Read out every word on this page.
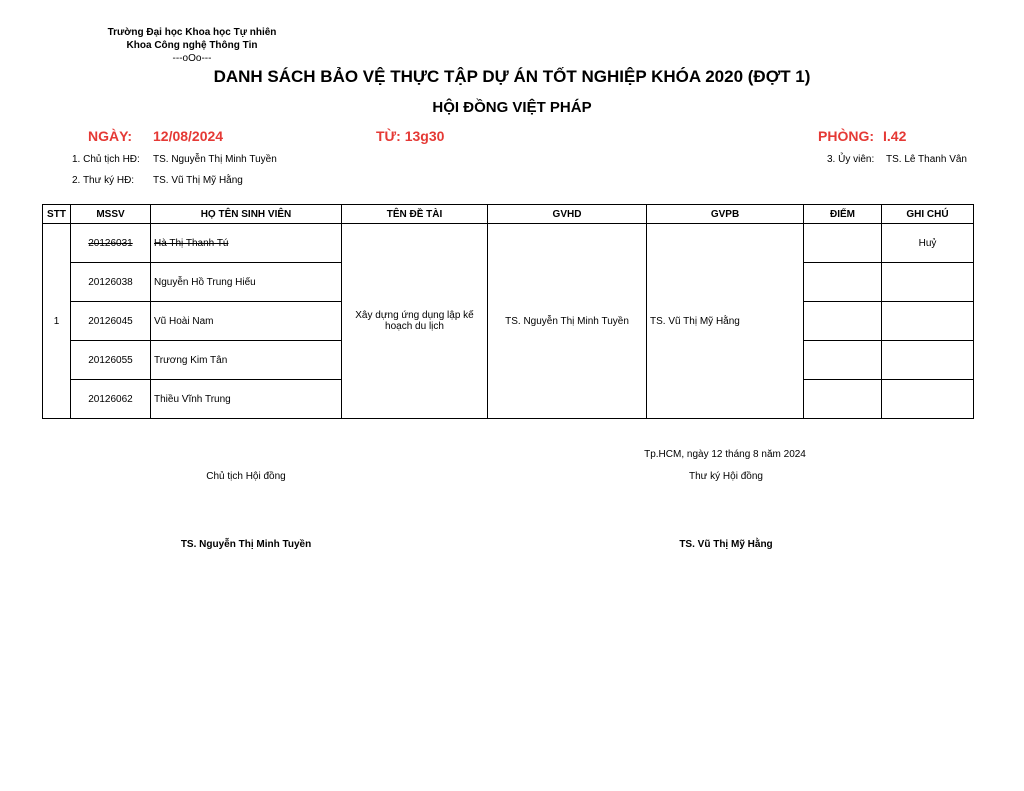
Trường Đại học Khoa học Tự nhiên
Khoa Công nghệ Thông Tin
---oOo---
DANH SÁCH BẢO VỆ THỰC TẬP DỰ ÁN TỐT NGHIỆP KHÓA 2020 (ĐỢT 1)
HỘI ĐỒNG VIỆT PHÁP
NGÀY: 12/08/2024	TỪ: 13g30	PHÒNG: I.42
1. Chủ tịch HĐ: TS. Nguyễn Thị Minh Tuyền
2. Thư ký HĐ: TS. Vũ Thị Mỹ Hằng
3. Ủy viên: TS. Lê Thanh Vân
STT	MSSV	HỌ TÊN SINH VIÊN	TÊN ĐỀ TÀI	GVHD	GVPB	ĐIỂM	GHI CHÚ
1	20126031	Hà Thị Thanh Tú	Xây dựng ứng dụng lập kế hoạch du lịch	TS. Nguyễn Thị Minh Tuyền	TS. Vũ Thị Mỹ Hằng		Huỷ
	20126038	Nguyễn Hồ Trung Hiếu					
	20126045	Vũ Hoài Nam					
	20126055	Trương Kim Tân					
	20126062	Thiều Vĩnh Trung					
Tp.HCM, ngày 12 tháng 8 năm 2024
Chủ tịch Hội đồng	Thư ký Hội đồng
TS. Nguyễn Thị Minh Tuyền	TS. Vũ Thị Mỹ Hằng
